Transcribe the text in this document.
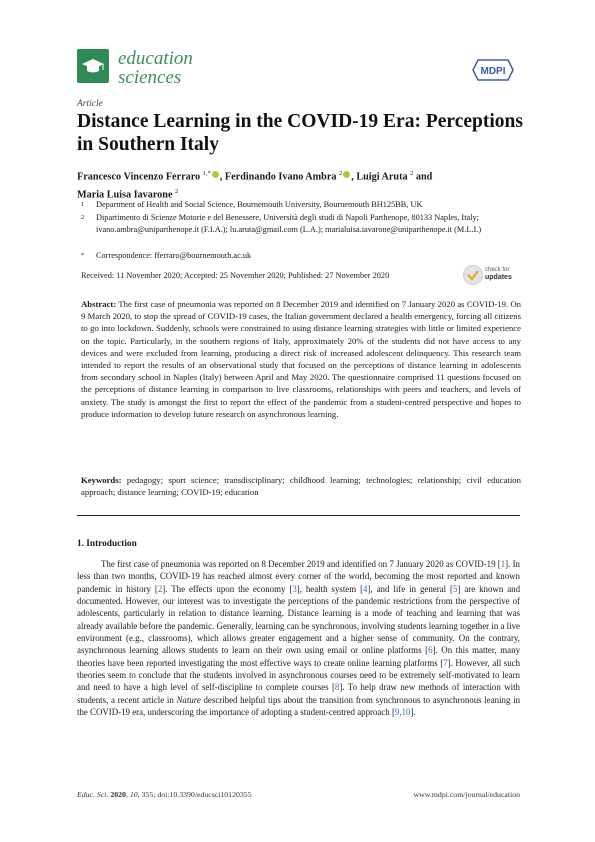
education
sciences	MDPI
Article
Distance Learning in the COVID-19 Era: Perceptions in Southern Italy
Francesco Vincenzo Ferraro $^{1,*}$ , Ferdinando Ivano Ambra $^2$ , Luigi Aruta $^2$ and
Maria Luisa Iavarone $^2$
1 Department of Health and Social Science, Bournemouth University, Bournemouth BH125BB, UK
2 Dipartimento di Scienze Motorie e del Benessere, Università degli studi di Napoli Parthenope, 80133 Naples, Italy; ivano.ambra@uniparthenope.it (F.I.A.); lu.aruta@gmail.com (L.A.); marialuisa.iavarone@uniparthenope.it (M.L.I.)
* Correspondence: fferraro@bournemouth.ac.uk
Received: 11 November 2020; Accepted: 25 November 2020; Published: 27 November 2020
check for
updates
Abstract: The first case of pneumonia was reported on 8 December 2019 and identified on 7 January 2020 as COVID-19. On 9 March 2020, to stop the spread of COVID-19 cases, the Italian government declared a health emergency, forcing all citizens to go into lockdown. Suddenly, schools were constrained to using distance learning strategies with little or limited experience on the topic. Particularly, in the southern regions of Italy, approximately 20% of the students did not have access to any devices and were excluded from learning, producing a direct risk of increased adolescent delinquency. This research team intended to report the results of an observational study that focused on the perceptions of distance learning in adolescents from secondary school in Naples (Italy) between April and May 2020. The questionnaire comprised 11 questions focused on the perceptions of distance learning in comparison to live classrooms, relationships with peers and teachers, and levels of anxiety. The study is amongst the first to report the effect of the pandemic from a student-centred perspective and hopes to produce information to develop future research on asynchronous learning.
Keywords: pedagogy; sport science; transdisciplinary; childhood learning; technologies; relationship; civil education approach; distance learning; COVID-19; education
1. Introduction
The first case of pneumonia was reported on 8 December 2019 and identified on 7 January 2020 as COVID-19 [1]. In less than two months, COVID-19 has reached almost every corner of the world, becoming the most reported and known pandemic in history [2]. The effects upon the economy [3], health system [4], and life in general [5] are known and documented. However, our interest was to investigate the perceptions of the pandemic restrictions from the perspective of adolescents, particularly in relation to distance learning. Distance learning is a mode of teaching and learning that was already available before the pandemic. Generally, learning can be synchronous, involving students learning together in a live environment (e.g., classrooms), which allows greater engagement and a higher sense of community. On the contrary, asynchronous learning allows students to learn on their own using email or online platforms [6]. On this matter, many theories have been reported investigating the most effective ways to create online learning platforms [7]. However, all such theories seem to conclude that the students involved in asynchronous courses need to be extremely self-motivated to learn and need to have a high level of self-discipline to complete courses [8]. To help draw new methods of interaction with students, a recent article in Nature described helpful tips about the transition from synchronous to asynchronous leaning in the COVID-19 era, underscoring the importance of adopting a student-centred approach [9,10].
Educ. Sci. 2020, 10, 355; doi:10.3390/educsci10120355	www.mdpi.com/journal/education
